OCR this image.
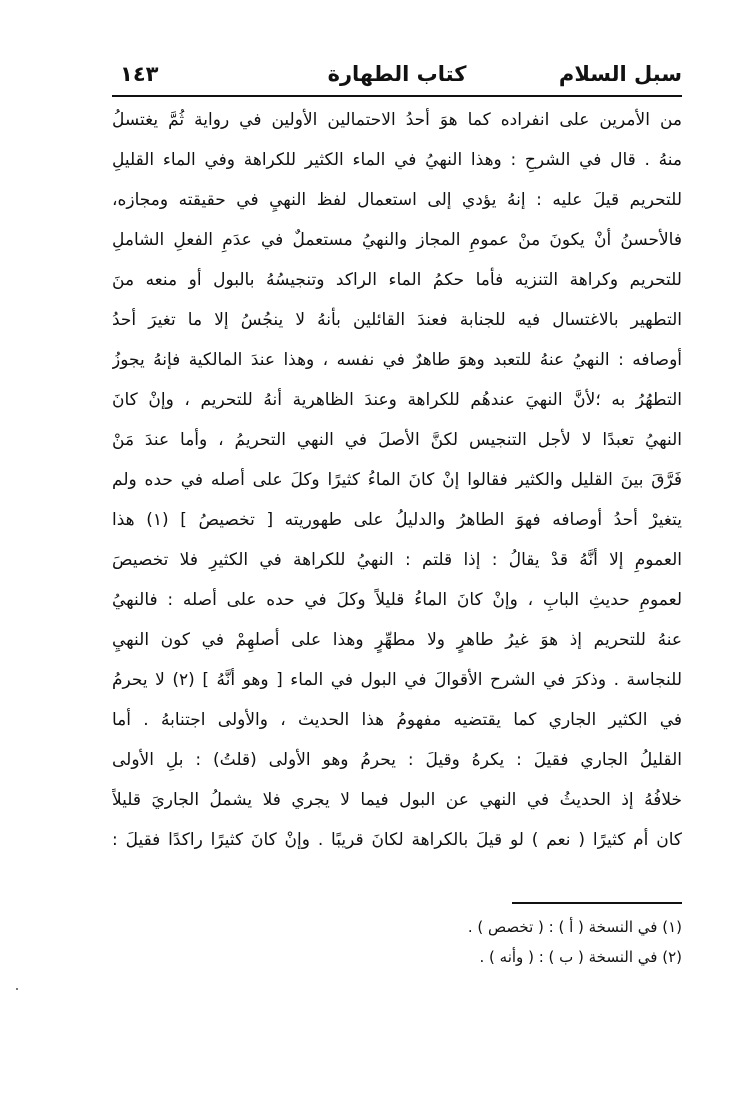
سبل السلام
كتاب الطهارة
١٤٣
من الأمرين على انفراده كما هوَ أحدُ الاحتمالين الأولين في رواية ثُمَّ يغتسلُ
منهُ . قال في الشرحِ : وهذا النهيُ في الماء الكثير للكراهة وفي الماء القليلِ
للتحريم قيلَ عليه : إنهُ يؤدي إلى استعمال لفظ النهيِ في حقيقته ومجازه،
فالأحسنُ أنْ يكونَ منْ عمومِ المجاز والنهيُ مستعملٌ في عدَمِ الفعلِ الشاملِ
للتحريم وكراهة التنزيه فأما حكمُ الماء الراكد وتنجيسُهُ بالبول أو منعه منَ
التطهير بالاغتسال فيه للجنابة فعندَ القائلين بأنهُ لا ينجُسُ إلا ما تغيرَ أحدُ
أوصافه : النهيُ عنهُ للتعبد وهوَ طاهرٌ في نفسه ، وهذا عندَ المالكية فإنهُ يجوزُ
التطهُرُ به ؛لأنَّ النهيَ عندهُم للكراهة وعندَ الظاهرية أنهُ للتحريم ، وإنْ كانَ
النهيُ تعبدًا لا لأجل التنجيس لكنَّ الأصلَ في النهي التحريمُ ، وأما عندَ مَنْ
فَرَّقَ بينَ القليل والكثير فقالوا إنْ كانَ الماءُ كثيرًا وكلَ على أصله في حده ولم
يتغيرْ أحدُ أوصافه فهوَ الطاهرُ والدليلُ على طهوريته [ تخصيصُ ] (١) هذا
العمومِ إلا أنَّهُ قدْ يقالُ : إذا قلتم : النهيُ للكراهة في الكثيرِ فلا تخصيصَ
لعمومِ حديثِ البابِ ، وإنْ كانَ الماءُ قليلاً وكلَ في حده على أصله : فالنهيُ
عنهُ للتحريم إذ هوَ غيرُ طاهرٍ ولا مطهِّرٍ وهذا على أصلهِمْ في كون النهيِ
للنجاسة . وذكرَ في الشرح الأقوالَ في البول في الماء [ وهو أنَّهُ ] (٢) لا يحرمُ
في الكثير الجاري كما يقتضيه مفهومُ هذا الحديث ، والأولى اجتنابهُ . أما
القليلُ الجاري فقيلَ : يكرهُ وقيلَ : يحرمُ وهو الأولى (قلتُ) : بلِ الأولى
خلافُهُ إذ الحديثُ في النهي عن البول فيما لا يجري فلا يشملُ الجاريَ قليلاً
كان أم كثيرًا ( نعم ) لو قيلَ بالكراهة لكانَ قريبًا . وإنْ كانَ كثيرًا راكدًا فقيلَ :
(١) في النسخة ( أ ) : ( تخصص ) .
(٢) في النسخة ( ب ) : ( وأنه ) .
